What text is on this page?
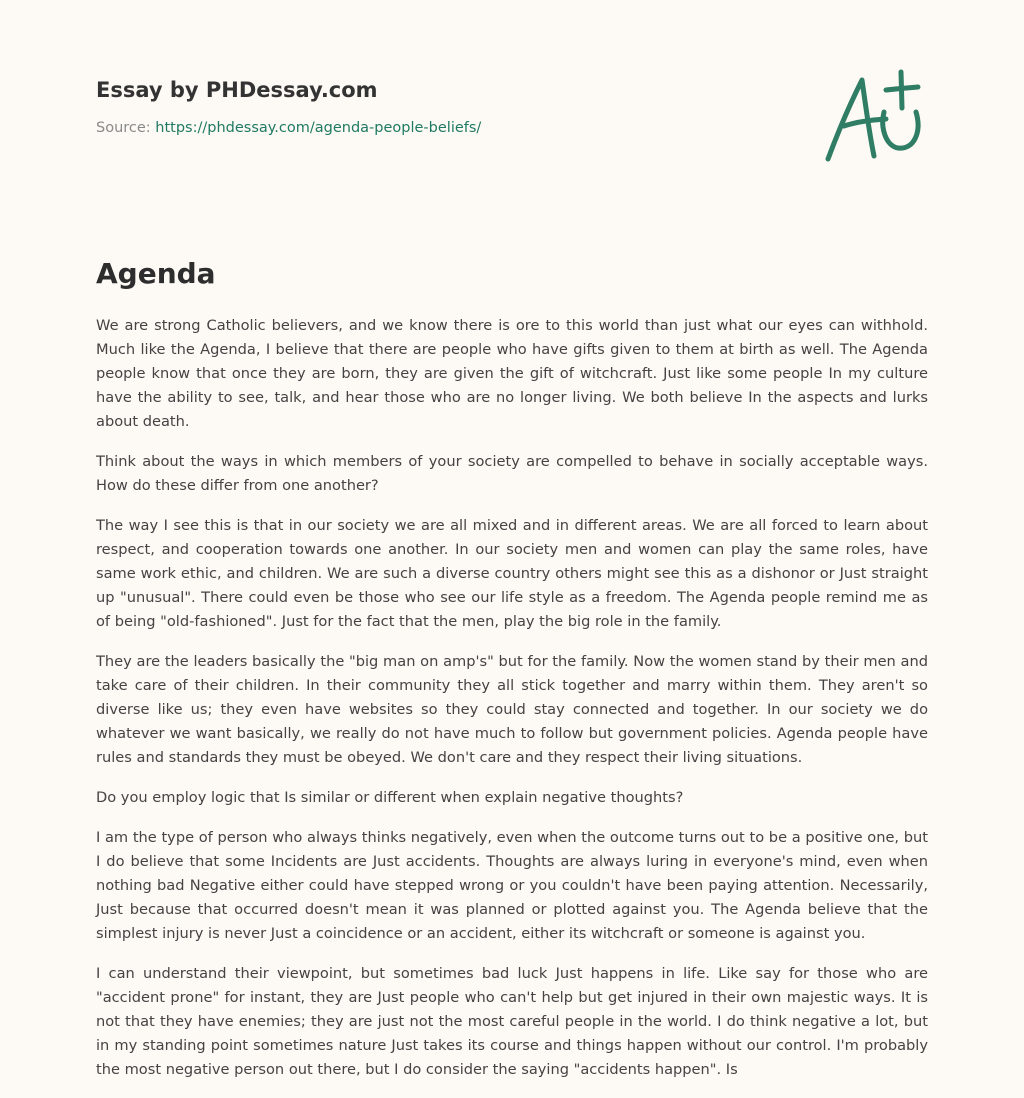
Essay by PHDessay.com
Source: https://phdessay.com/agenda-people-beliefs/
Agenda

We are strong Catholic believers, and we know there is ore to this world than just what our eyes can withhold. Much like the Agenda, I believe that there are people who have gifts given to them at birth as well. The Agenda people know that once they are born, they are given the gift of witchcraft. Just like some people In my culture have the ability to see, talk, and hear those who are no longer living. We both believe In the aspects and lurks about death.

Think about the ways in which members of your society are compelled to behave in socially acceptable ways. How do these differ from one another?

The way I see this is that in our society we are all mixed and in different areas. We are all forced to learn about respect, and cooperation towards one another. In our society men and women can play the same roles, have same work ethic, and children. We are such a diverse country others might see this as a dishonor or Just straight up "unusual". There could even be those who see our life style as a freedom. The Agenda people remind me as of being "old-fashioned". Just for the fact that the men, play the big role in the family.

They are the leaders basically the "big man on amp's" but for the family. Now the women stand by their men and take care of their children. In their community they all stick together and marry within them. They aren't so diverse like us; they even have websites so they could stay connected and together. In our society we do whatever we want basically, we really do not have much to follow but government policies. Agenda people have rules and standards they must be obeyed. We don't care and they respect their living situations.

Do you employ logic that Is similar or different when explain negative thoughts?

I am the type of person who always thinks negatively, even when the outcome turns out to be a positive one, but I do believe that some Incidents are Just accidents. Thoughts are always luring in everyone's mind, even when nothing bad Negative either could have stepped wrong or you couldn't have been paying attention. Necessarily, Just because that occurred doesn't mean it was planned or plotted against you. The Agenda believe that the simplest injury is never Just a coincidence or an accident, either its witchcraft or someone is against you.

I can understand their viewpoint, but sometimes bad luck Just happens in life. Like say for those who are "accident prone" for instant, they are Just people who can't help but get injured in their own majestic ways. It is not that they have enemies; they are just not the most careful people in the world. I do think negative a lot, but in my standing point sometimes nature Just takes its course and things happen without our control. I'm probably the most negative person out there, but I do consider the saying "accidents happen". Is
